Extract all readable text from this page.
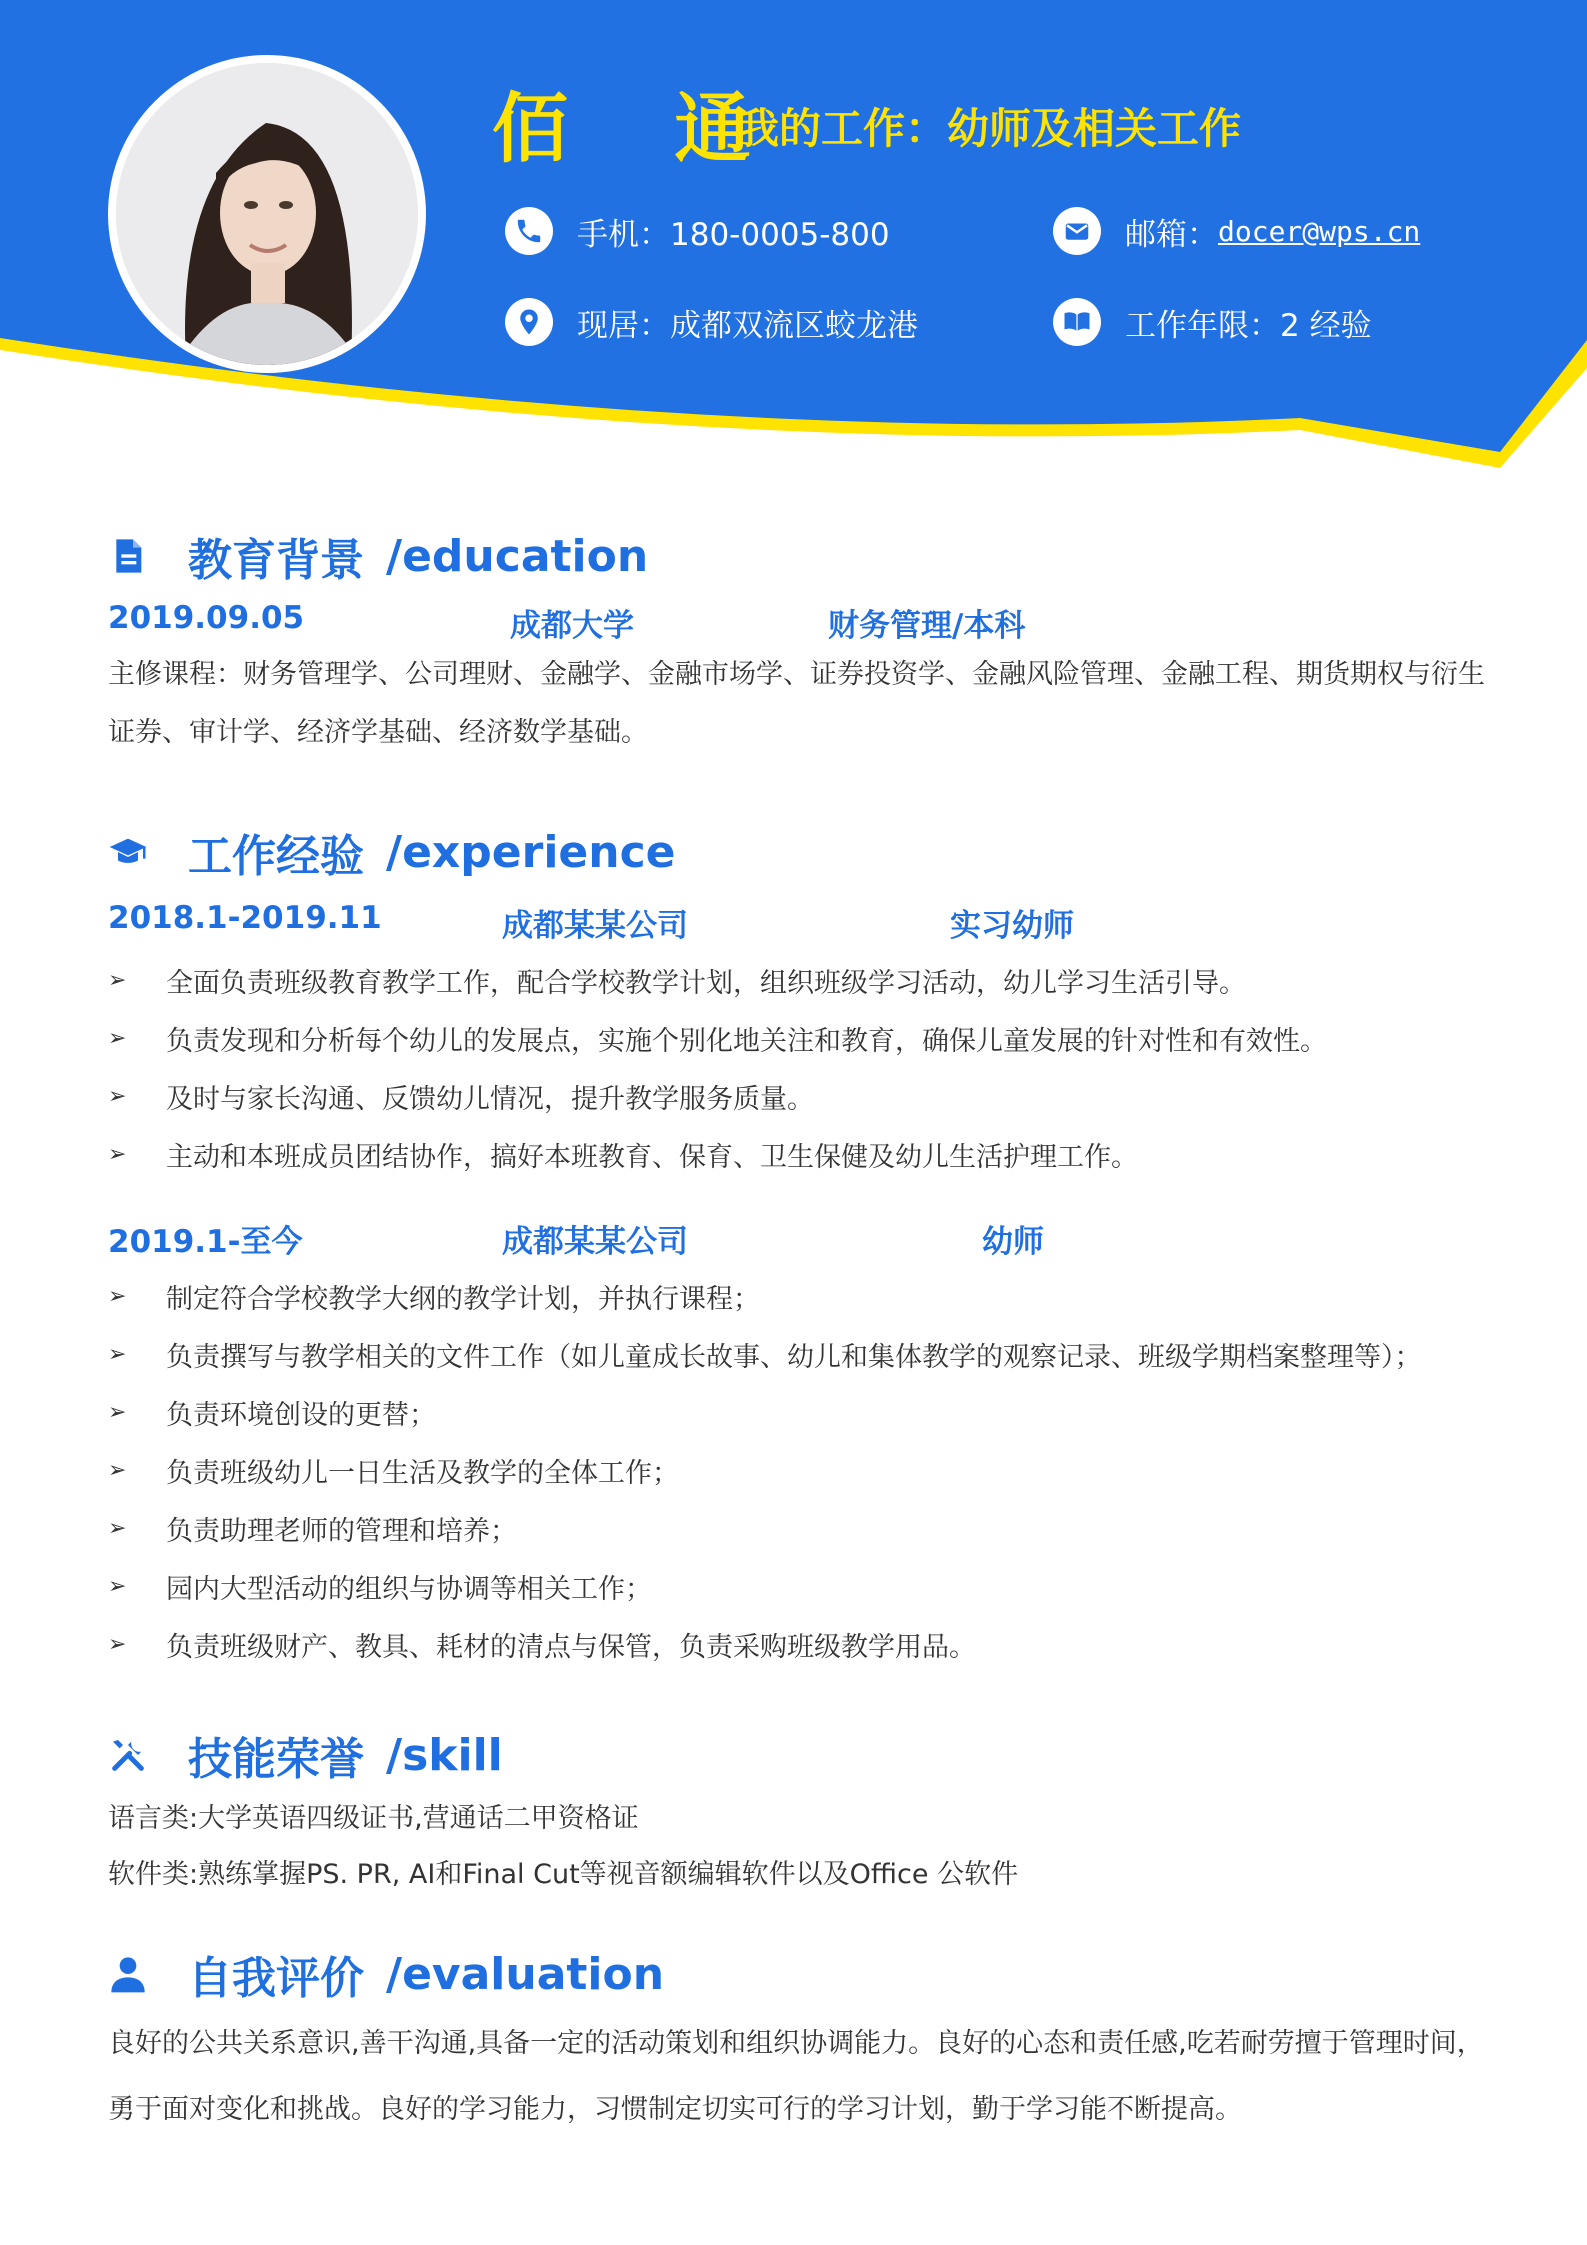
佰 通
我的工作：幼师及相关工作
手机：180-0005-800	邮箱： docer@wps.cn
现居：成都双流区蛟龙港	工作年限：2 经验
教育背景 /education
2019.09.05	成都大学	财务管理/本科
主修课程：财务管理学、公司理财、金融学、金融市场学、证券投资学、金融风险管理、金融工程、期货期权与衍生证券、审计学、经济学基础、经济数学基础。
工作经验 /experience
2018.1-2019.11	成都某某公司	实习幼师
➢	全面负责班级教育教学工作，配合学校教学计划，组织班级学习活动，幼儿学习生活引导。
➢	负责发现和分析每个幼儿的发展点，实施个别化地关注和教育，确保儿童发展的针对性和有效性。
➢	及时与家长沟通、反馈幼儿情况，提升教学服务质量。
➢	主动和本班成员团结协作，搞好本班教育、保育、卫生保健及幼儿生活护理工作。
2019.1-至今	成都某某公司	幼师
➢	制定符合学校教学大纲的教学计划，并执行课程；
➢	负责撰写与教学相关的文件工作（如儿童成长故事、幼儿和集体教学的观察记录、班级学期档案整理等）；
➢	负责环境创设的更替；
➢	负责班级幼儿一日生活及教学的全体工作；
➢	负责助理老师的管理和培养；
➢	园内大型活动的组织与协调等相关工作；
➢	负责班级财产、教具、耗材的清点与保管，负责采购班级教学用品。
技能荣誉 /skill
语言类:大学英语四级证书,营通话二甲资格证
软件类:熟练掌握PS. PR, AI和Final Cut等视音额编辑软件以及Office 公软件
自我评价 /evaluation
良好的公共关系意识,善干沟通,具备一定的活动策划和组织协调能力。良好的心态和责任感,吃若耐劳擅于管理时间，勇于面对变化和挑战。良好的学习能力，习惯制定切实可行的学习计划，勤于学习能不断提高。
